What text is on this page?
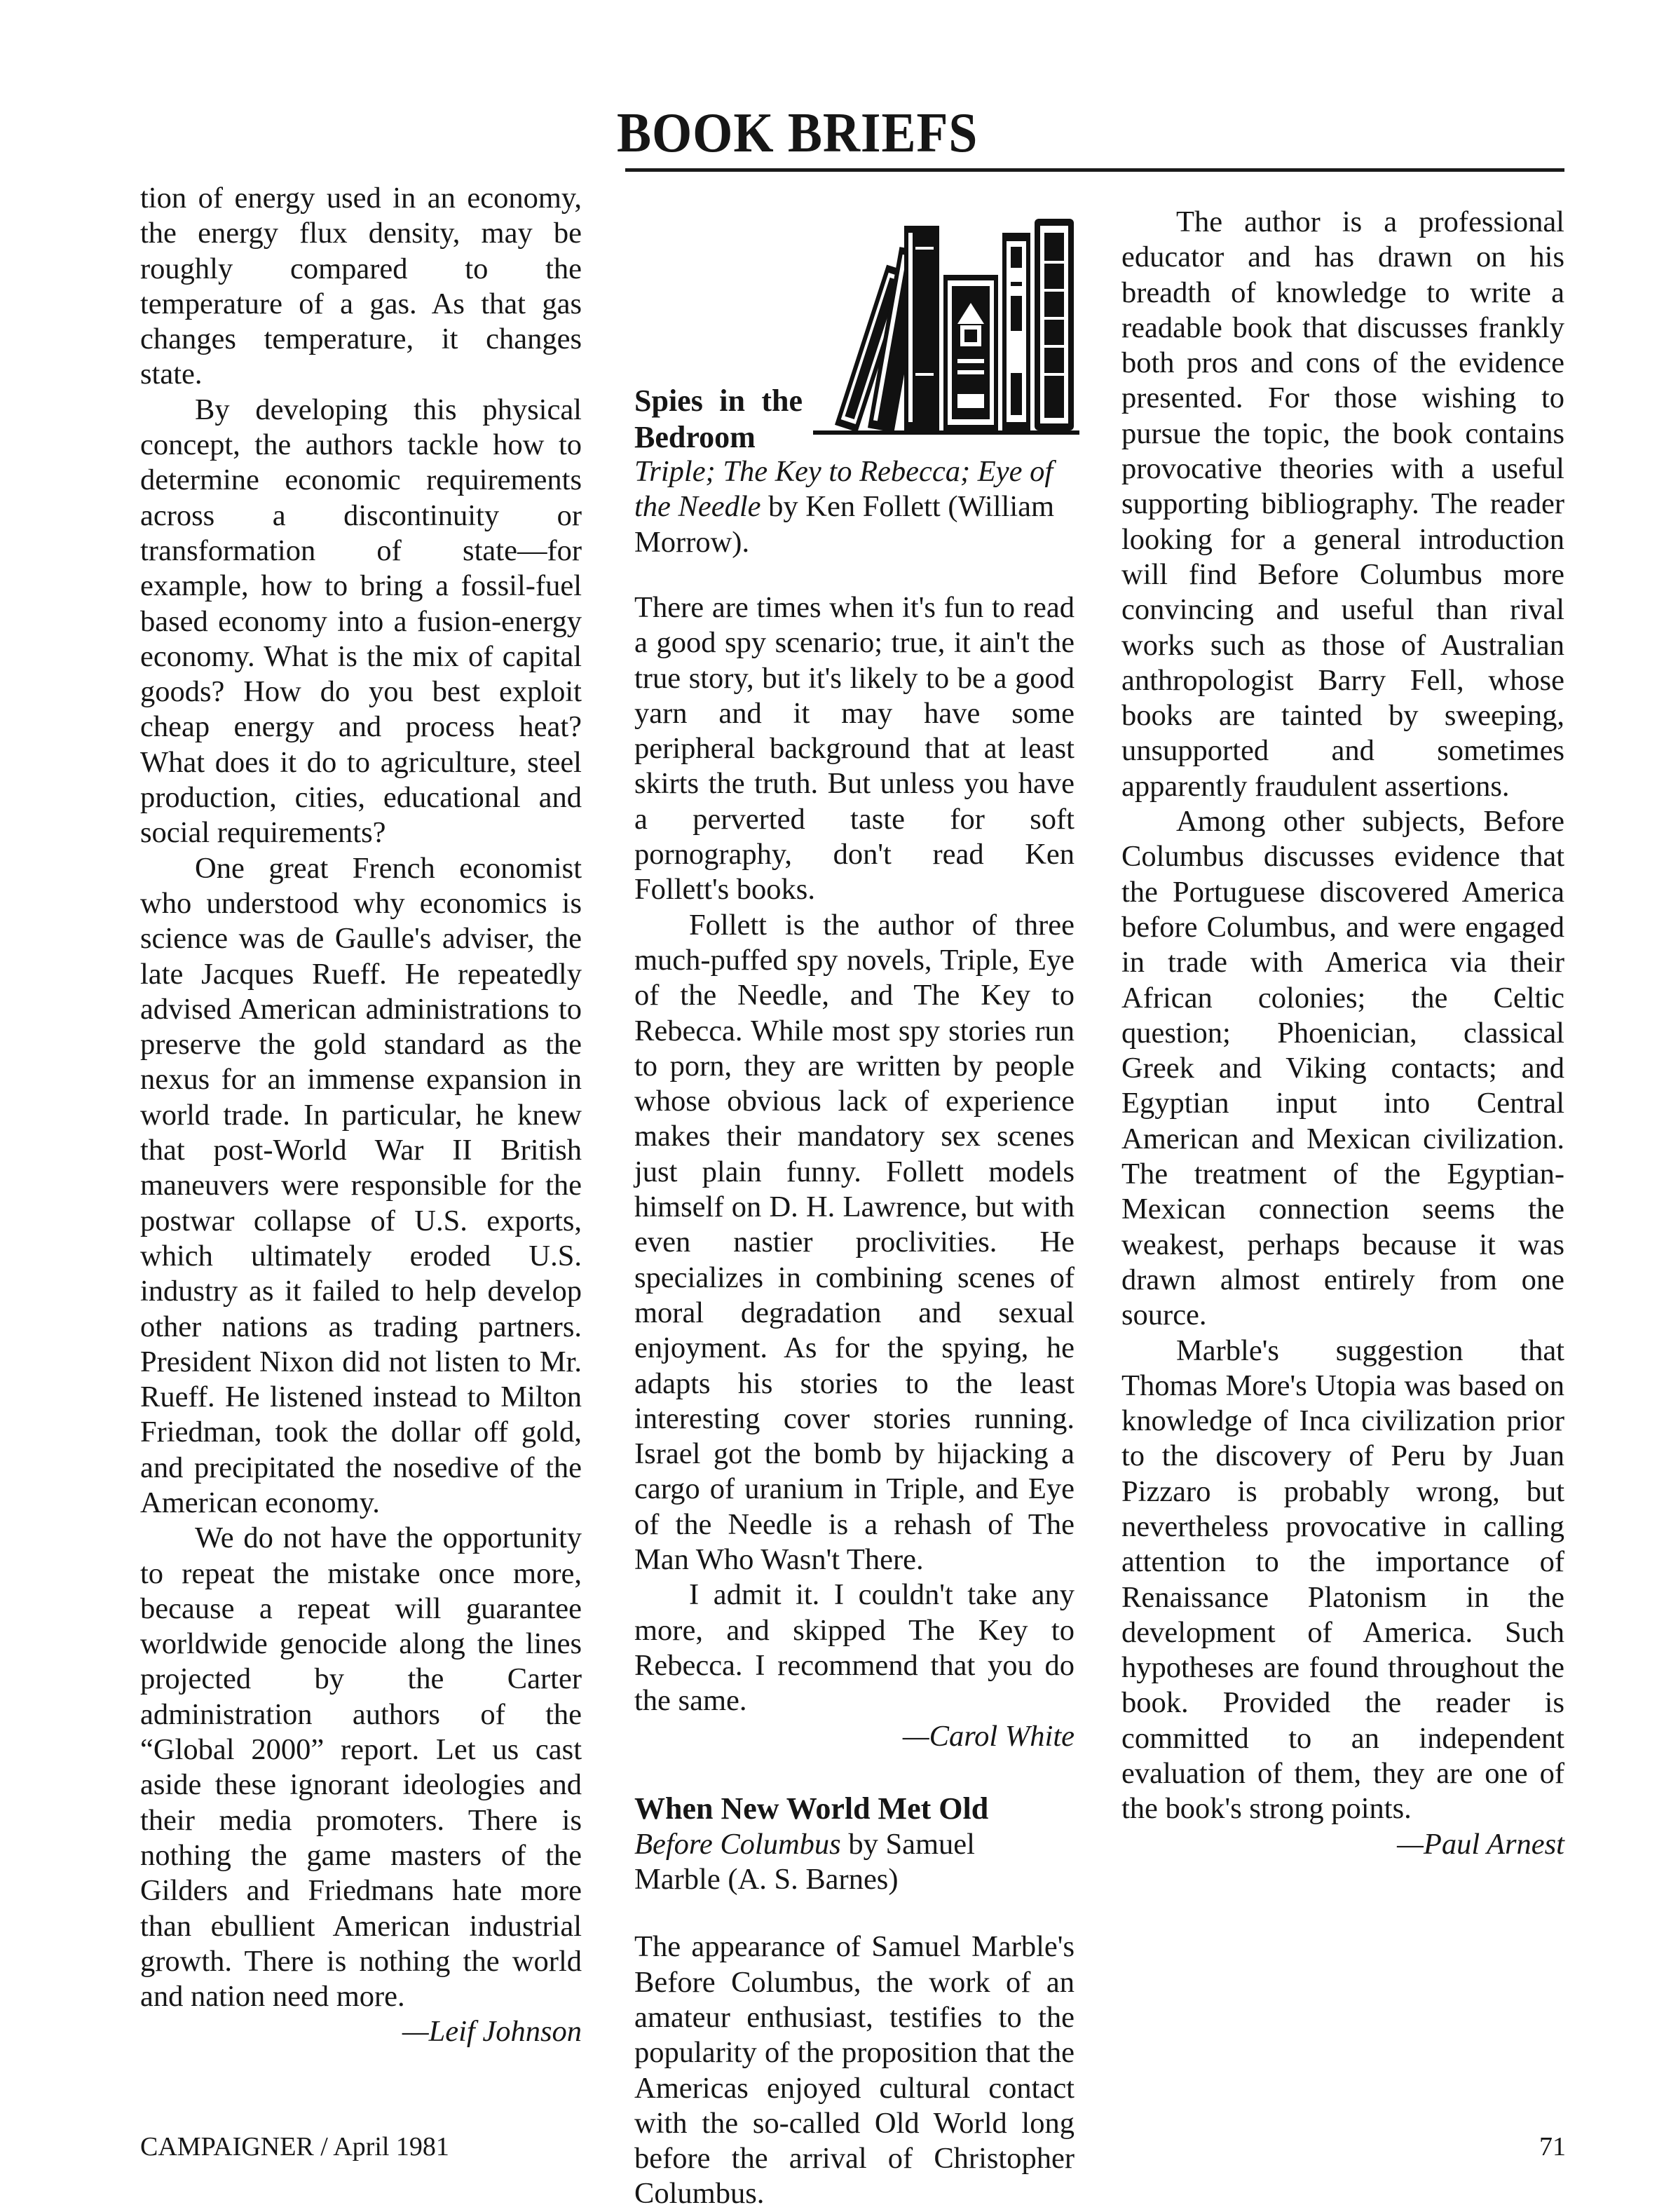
BOOK BRIEFS

tion of energy used in an economy, the energy flux density, may be roughly compared to the temperature of a gas. As that gas changes temperature, it changes state.

By developing this physical concept, the authors tackle how to determine economic requirements across a discontinuity or transformation of state—for example, how to bring a fossil-fuel based economy into a fusion-energy economy. What is the mix of capital goods? How do you best exploit cheap energy and process heat? What does it do to agriculture, steel production, cities, educational and social requirements?

One great French economist who understood why economics is science was de Gaulle's adviser, the late Jacques Rueff. He repeatedly advised American administrations to preserve the gold standard as the nexus for an immense expansion in world trade. In particular, he knew that post-World War II British maneuvers were responsible for the postwar collapse of U.S. exports, which ultimately eroded U.S. industry as it failed to help develop other nations as trading partners. President Nixon did not listen to Mr. Rueff. He listened instead to Milton Friedman, took the dollar off gold, and precipitated the nosedive of the American economy.

We do not have the opportunity to repeat the mistake once more, because a repeat will guarantee worldwide genocide along the lines projected by the Carter administration authors of the “Global 2000” report. Let us cast aside these ignorant ideologies and their media promoters. There is nothing the game masters of the Gilders and Friedmans hate more than ebullient American industrial growth. There is nothing the world and nation need more.

—Leif Johnson

Spies in the Bedroom
Triple; The Key to Rebecca; Eye of the Needle by Ken Follett (William Morrow).

There are times when it's fun to read a good spy scenario; true, it ain't the true story, but it's likely to be a good yarn and it may have some peripheral background that at least skirts the truth. But unless you have a perverted taste for soft pornography, don't read Ken Follett's books.

Follett is the author of three much-puffed spy novels, Triple, Eye of the Needle, and The Key to Rebecca. While most spy stories run to porn, they are written by people whose obvious lack of experience makes their mandatory sex scenes just plain funny. Follett models himself on D. H. Lawrence, but with even nastier proclivities. He specializes in combining scenes of moral degradation and sexual enjoyment. As for the spying, he adapts his stories to the least interesting cover stories running. Israel got the bomb by hijacking a cargo of uranium in Triple, and Eye of the Needle is a rehash of The Man Who Wasn't There.

I admit it. I couldn't take any more, and skipped The Key to Rebecca. I recommend that you do the same.

—Carol White

When New World Met Old
Before Columbus by Samuel
Marble (A. S. Barnes)

The appearance of Samuel Marble's Before Columbus, the work of an amateur enthusiast, testifies to the popularity of the proposition that the Americas enjoyed cultural contact with the so-called Old World long before the arrival of Christopher Columbus.

The author is a professional educator and has drawn on his breadth of knowledge to write a readable book that discusses frankly both pros and cons of the evidence presented. For those wishing to pursue the topic, the book contains provocative theories with a useful supporting bibliography. The reader looking for a general introduction will find Before Columbus more convincing and useful than rival works such as those of Australian anthropologist Barry Fell, whose books are tainted by sweeping, unsupported and sometimes apparently fraudulent assertions.

Among other subjects, Before Columbus discusses evidence that the Portuguese discovered America before Columbus, and were engaged in trade with America via their African colonies; the Celtic question; Phoenician, classical Greek and Viking contacts; and Egyptian input into Central American and Mexican civilization. The treatment of the Egyptian-Mexican connection seems the weakest, perhaps because it was drawn almost entirely from one source.

Marble's suggestion that Thomas More's Utopia was based on knowledge of Inca civilization prior to the discovery of Peru by Juan Pizzaro is probably wrong, but nevertheless provocative in calling attention to the importance of Renaissance Platonism in the development of America. Such hypotheses are found throughout the book. Provided the reader is committed to an independent evaluation of them, they are one of the book's strong points.

—Paul Arnest

CAMPAIGNER / April 1981	71
